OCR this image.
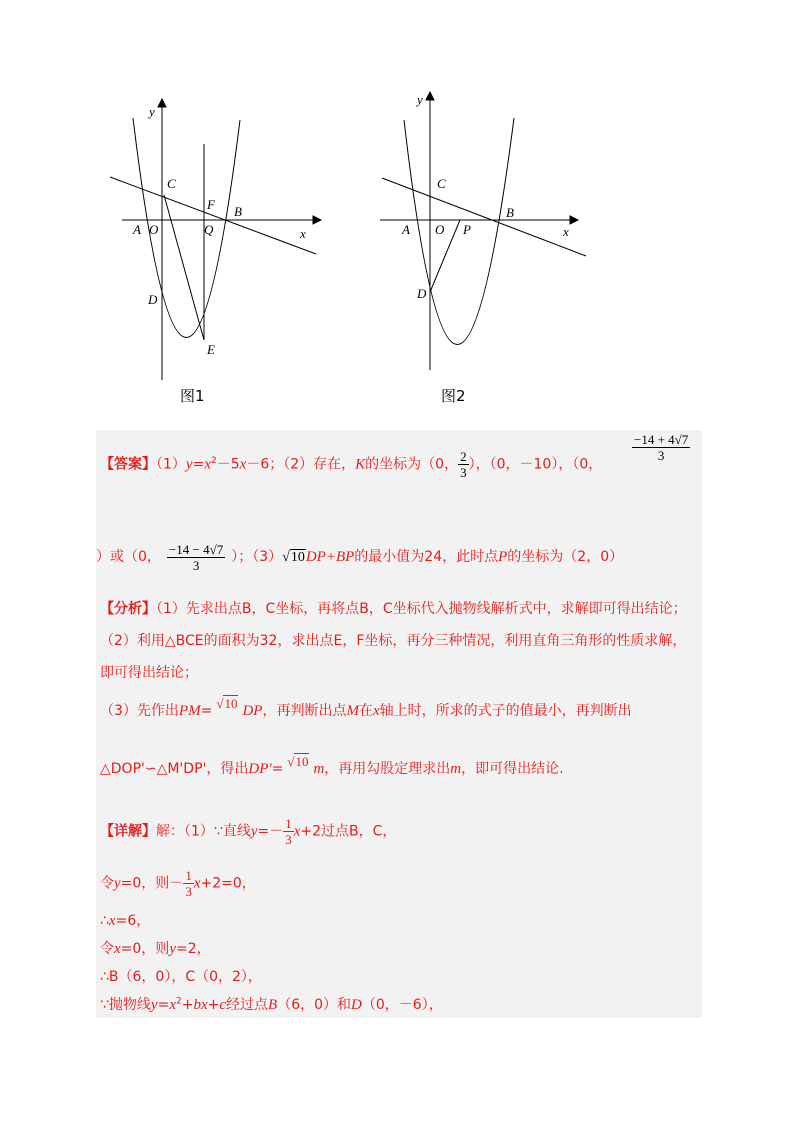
y
x
A O
C
F B
Q
D
E
图1
y
x
A O
C
P
B
D
图2
【答案】$(1)y=x^2-5x-6$；（2）存在，K的坐标为（0， $\frac{2}{3}$ ），（0，－10），（0，
$\frac{-14 + 4√7}{3}$
）或（0， $\frac{-14 - 4√7}{3}$ ）；（3）√10DP+BP的最小值为24，此时点P的坐标为（2，0）
【分析】（1）先求出点B，C坐标，再将点B，C坐标代入抛物线解析式中，求解即可得出结论；
（2）利用△BCE的面积为32，求出点E，F坐标，再分三种情况，利用直角三角形的性质求解，
即可得出结论；
（3）先作出PM= √10
DP，再判断出点M在x轴上时，所求的式子的值最小，再判断出
△DOP'∽△M'DP'，得出DP'= √10
m，再用勾股定理求出m，即可得出结论.
【详解】解：（1）∵直线$y=- \frac{1}{3} x+2$过点B，C，
令y=0，则－ $\frac{1}{3} x+2=0$，
∴x=6，
令x=0，则y=2，
∴B（6，0），C（0，2），
∵抛物线$y=x^2+bx+c$经过点B（6，0）和D（0，－6），
